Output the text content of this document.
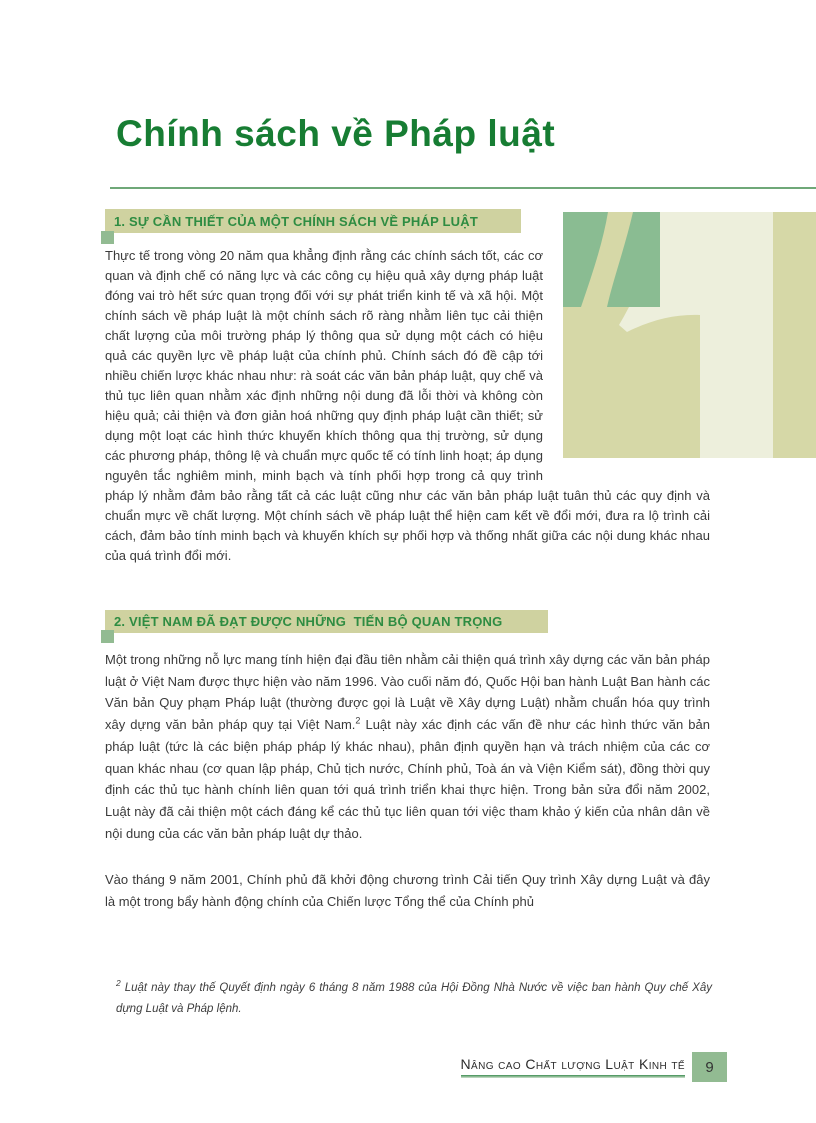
Chính sách về Pháp luật
1. SỰ CẦN THIẾT CỦA MỘT CHÍNH SÁCH VỀ PHÁP LUẬT

Thực tế trong vòng 20 năm qua khẳng định rằng các chính sách tốt, các cơ quan và định chế có năng lực và các công cụ hiệu quả xây dựng pháp luật đóng vai trò hết sức quan trọng đối với sự phát triển kinh tế và xã hội. Một chính sách về pháp luật là một chính sách rõ ràng nhằm liên tục cải thiện chất lượng của môi trường pháp lý thông qua sử dụng một cách có hiệu quả các quyền lực về pháp luật của chính phủ. Chính sách đó đề cập tới nhiều chiến lược khác nhau như: rà soát các văn bản pháp luật, quy chế và thủ tục liên quan nhằm xác định những nội dung đã lỗi thời và không còn hiệu quả; cải thiện và đơn giản hoá những quy định pháp luật cần thiết; sử dụng một loạt các hình thức khuyến khích thông qua thị trường, sử dụng các phương pháp, thông lệ và chuẩn mực quốc tế có tính linh hoạt; áp dụng nguyên tắc nghiêm minh, minh bạch và tính phối hợp trong cả quy trình pháp lý nhằm đảm bảo rằng tất cả các luật cũng như các văn bản pháp luật tuân thủ các quy định và chuẩn mực về chất lượng. Một chính sách về pháp luật thể hiện cam kết về đổi mới, đưa ra lộ trình cải cách, đảm bảo tính minh bạch và khuyến khích sự phối hợp và thống nhất giữa các nội dung khác nhau của quá trình đổi mới.

2. VIỆT NAM ĐÃ ĐẠT ĐƯỢC NHỮNG  TIẾN BỘ QUAN TRỌNG

Một trong những nỗ lực mang tính hiện đại đầu tiên nhằm cải thiện quá trình xây dựng các văn bản pháp luật ở Việt Nam được thực hiện vào năm 1996. Vào cuối năm đó, Quốc Hội ban hành Luật Ban hành các Văn bản Quy phạm Pháp luật (thường được gọi là Luật về Xây dựng Luật) nhằm chuẩn hóa quy trình xây dựng văn bản pháp quy tại Việt Nam.$^2$ Luật này xác định các vấn đề như các hình thức văn bản pháp luật (tức là các biện pháp pháp lý khác nhau), phân định quyền hạn và trách nhiệm của các cơ quan khác nhau (cơ quan lập pháp, Chủ tịch nước, Chính phủ, Toà án và Viện Kiểm sát), đồng thời quy định các thủ tục hành chính liên quan tới quá trình triển khai thực hiện. Trong bản sửa đổi năm 2002, Luật này đã cải thiện một cách đáng kể các thủ tục liên quan tới việc tham khảo ý kiến của nhân dân về nội dung của các văn bản pháp luật dự thảo.

Vào tháng 9 năm 2001, Chính phủ đã khởi động chương trình Cải tiến Quy trình Xây dựng Luật và đây là một trong bẩy hành động chính của Chiến lược Tổng thể của Chính phủ

$^2$ Luật này thay thế Quyết định ngày 6 tháng 8 năm 1988 của Hội Đồng Nhà Nước về việc ban hành Quy chế Xây dựng Luật và Pháp lệnh.

Nâng cao Chất lượng Luật Kinh tế 9
